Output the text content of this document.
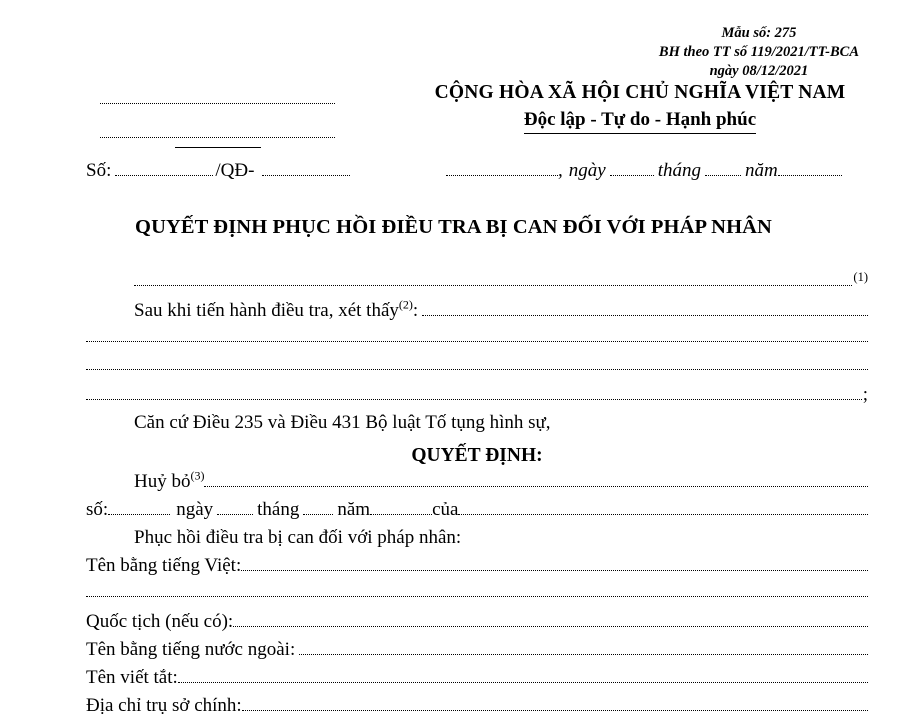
Mẫu số: 275
BH theo TT số 119/2021/TT-BCA
ngày 08/12/2021
CỘNG HÒA XÃ HỘI CHỦ NGHĨA VIỆT NAM
Độc lập - Tự do - Hạnh phúc
Số:	/QĐ-	, ngày	tháng năm
QUYẾT ĐỊNH PHỤC HỒI ĐIỀU TRA BỊ CAN ĐỐI VỚI PHÁP NHÂN
(1)
Sau khi tiến hành điều tra, xét thấy$^{(2)}$:
;
Căn cứ Điều 235 và Điều 431 Bộ luật Tố tụng hình sự,
QUYẾT ĐỊNH:
Huỷ bỏ$^{(3)}$
số:	ngày tháng năm	của
Phục hồi điều tra bị can đối với pháp nhân:
Tên bằng tiếng Việt:
Quốc tịch (nếu có):
Tên bằng tiếng nước ngoài:
Tên viết tắt:
Địa chỉ trụ sở chính:
